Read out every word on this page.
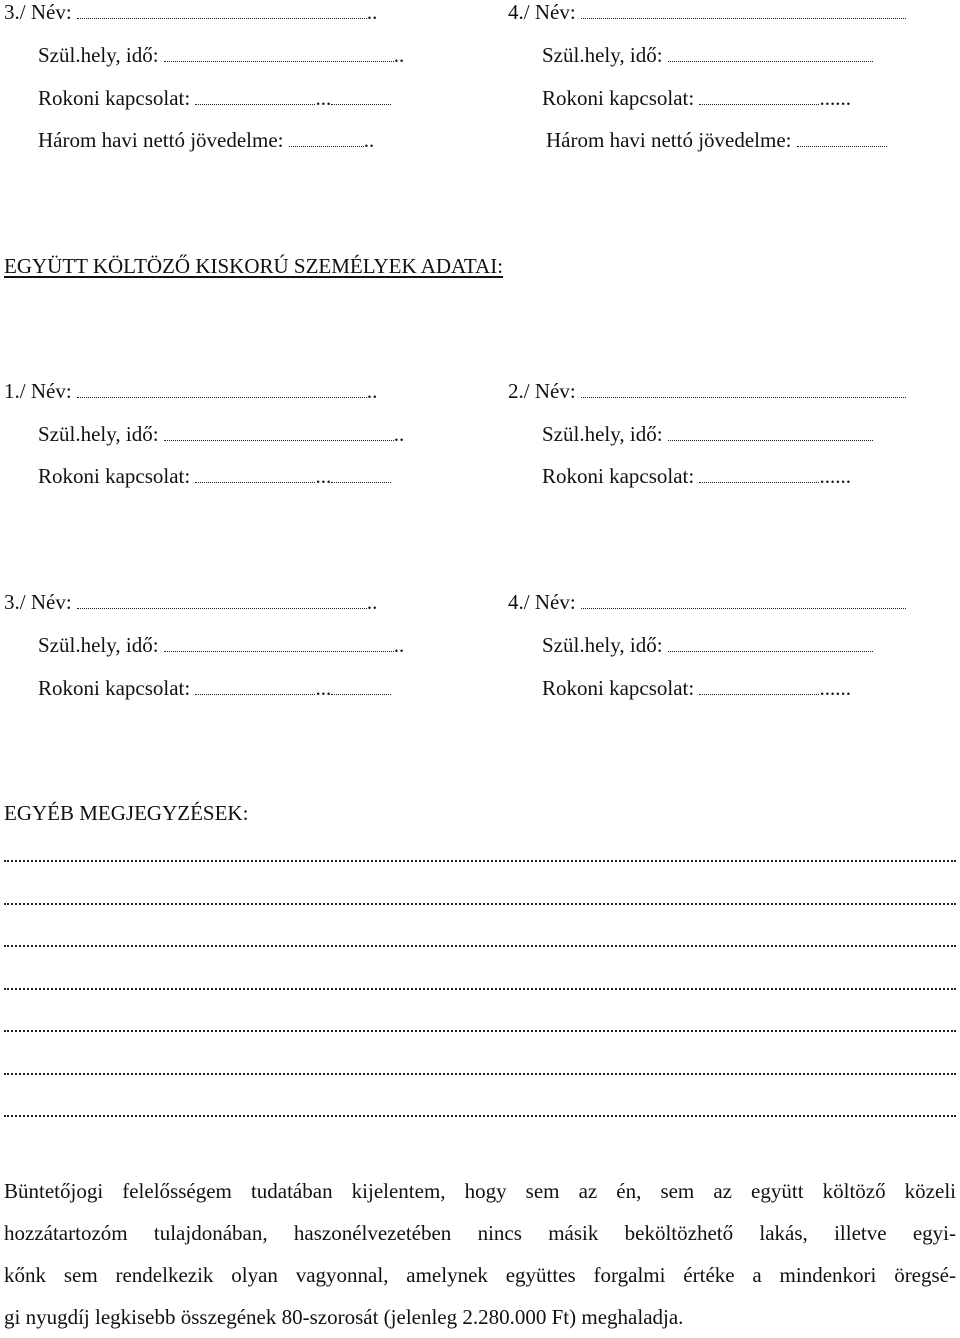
3./ Név:	..
Szül.hely, idő:	..
Rokoni kapcsolat:	...
Három havi nettó jövedelme:	..
4./ Név:
Szül.hely, idő:
Rokoni kapcsolat:	......
Három havi nettó jövedelme:
EGYÜTT KÖLTÖZŐ KISKORÚ SZEMÉLYEK ADATAI:
1./ Név:	..
Szül.hely, idő:	..
Rokoni kapcsolat:	...
2./ Név:
Szül.hely, idő:
Rokoni kapcsolat:	......
3./ Név:	..
Szül.hely, idő:	..
Rokoni kapcsolat:	...
4./ Név:
Szül.hely, idő:
Rokoni kapcsolat:	......
EGYÉB MEGJEGYZÉSEK:
Büntetőjogi felelősségem tudatában kijelentem, hogy sem az én, sem az együtt költöző közeli
hozzátartozóm tulajdonában, haszonélvezetében nincs másik beköltözhető lakás, illetve egyi-
kőnk sem rendelkezik olyan vagyonnal, amelynek együttes forgalmi értéke a mindenkori öregsé-
gi nyugdíj legkisebb összegének 80-szorosát (jelenleg 2.280.000 Ft) meghaladja.
